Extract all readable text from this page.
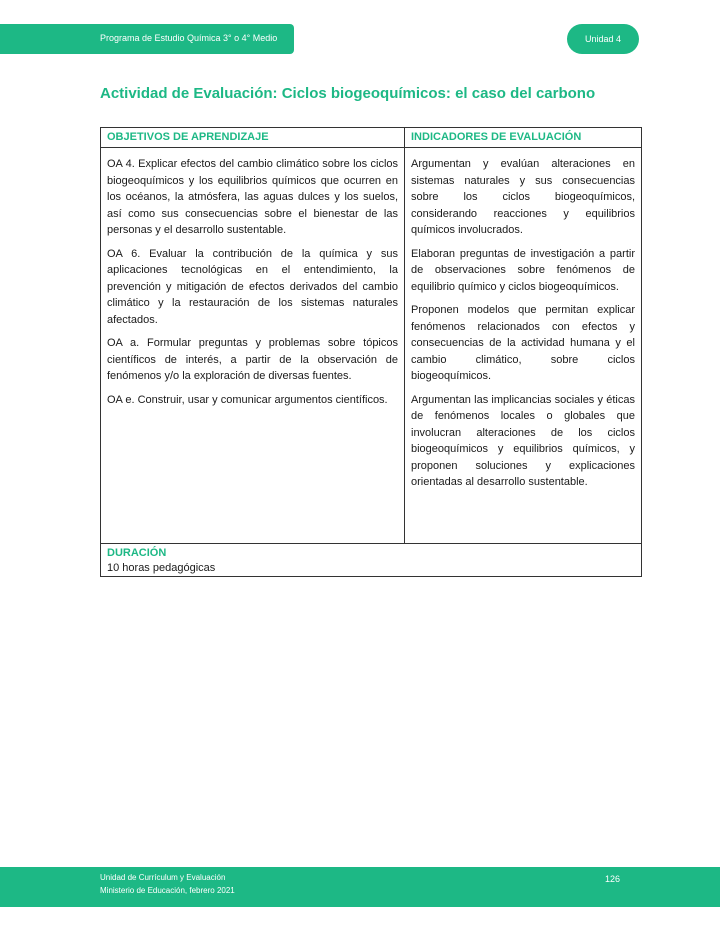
Programa de Estudio Química 3° o 4° Medio	Unidad 4
Actividad de Evaluación: Ciclos biogeoquímicos: el caso del carbono
OBJETIVOS DE APRENDIZAJE

OA 4. Explicar efectos del cambio climático sobre los ciclos biogeoquímicos y los equilibrios químicos que ocurren en los océanos, la atmósfera, las aguas dulces y los suelos, así como sus consecuencias sobre el bienestar de las personas y el desarrollo sustentable.

OA 6. Evaluar la contribución de la química y sus aplicaciones tecnológicas en el entendimiento, la prevención y mitigación de efectos derivados del cambio climático y la restauración de los sistemas naturales afectados.

OA a. Formular preguntas y problemas sobre tópicos científicos de interés, a partir de la observación de fenómenos y/o la exploración de diversas fuentes.

OA e. Construir, usar y comunicar argumentos científicos.

INDICADORES DE EVALUACIÓN

Argumentan y evalúan alteraciones en sistemas naturales y sus consecuencias sobre los ciclos biogeoquímicos, considerando reacciones y equilibrios químicos involucrados.

Elaboran preguntas de investigación a partir de observaciones sobre fenómenos de equilibrio químico y ciclos biogeoquímicos.

Proponen modelos que permitan explicar fenómenos relacionados con efectos y consecuencias de la actividad humana y el cambio climático, sobre ciclos biogeoquímicos.

Argumentan las implicancias sociales y éticas de fenómenos locales o globales que involucran alteraciones de los ciclos biogeoquímicos y equilibrios químicos, y proponen soluciones y explicaciones orientadas al desarrollo sustentable.

DURACIÓN
10 horas pedagógicas
Unidad de Currículum y Evaluación
Ministerio de Educación, febrero 2021
126
